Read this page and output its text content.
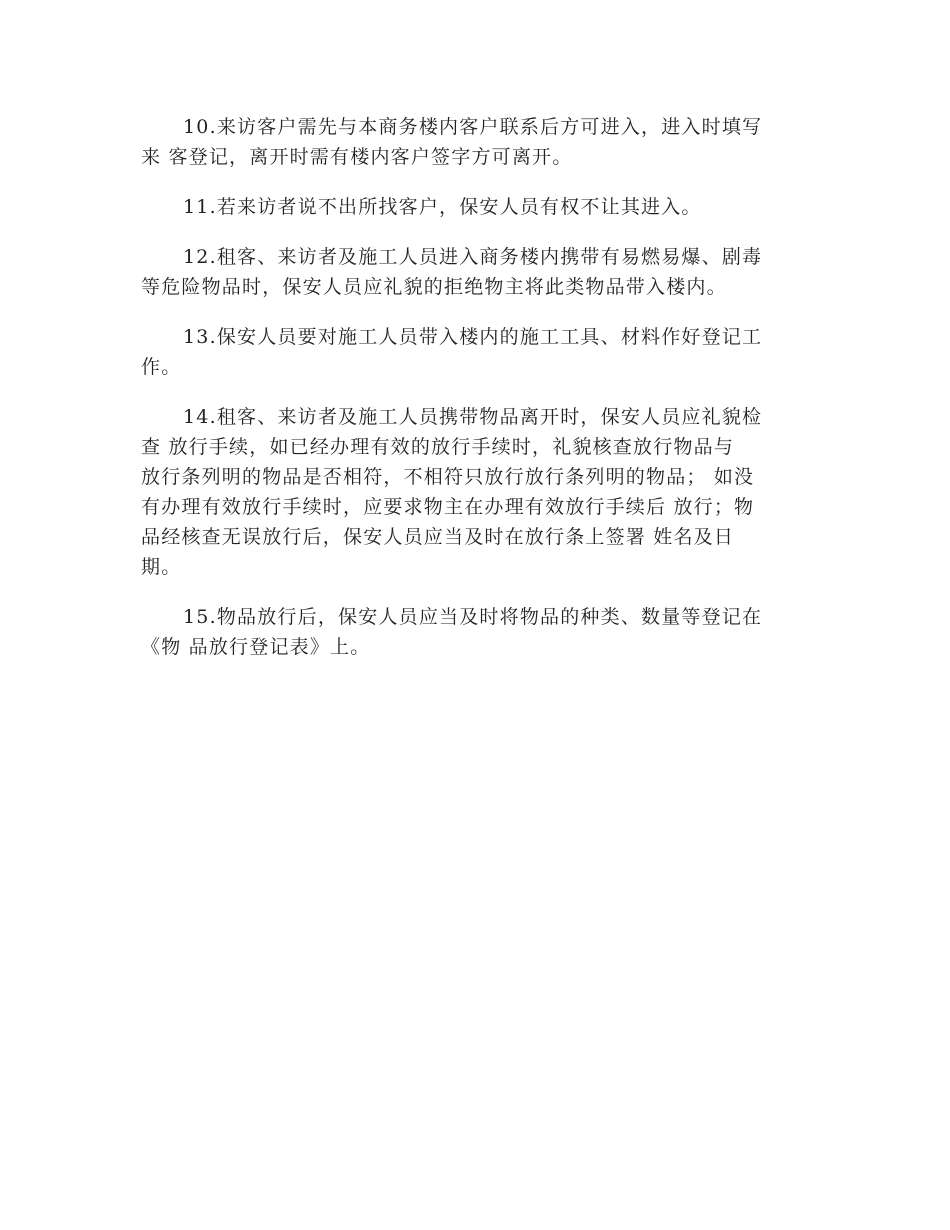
10.来访客户需先与本商务楼内客户联系后方可进入，进入时填写
来 客登记，离开时需有楼内客户签字方可离开。

11.若来访者说不出所找客户，保安人员有权不让其进入。

12.租客、来访者及施工人员进入商务楼内携带有易燃易爆、剧毒
等危险物品时，保安人员应礼貌的拒绝物主将此类物品带入楼内。

13.保安人员要对施工人员带入楼内的施工工具、材料作好登记工
作。

14.租客、来访者及施工人员携带物品离开时，保安人员应礼貌检
查 放行手续，如已经办理有效的放行手续时，礼貌核查放行物品与
放行条列明的物品是否相符，不相符只放行放行条列明的物品； 如没
有办理有效放行手续时，应要求物主在办理有效放行手续后 放行；物
品经核查无误放行后，保安人员应当及时在放行条上签署 姓名及日
期。

15.物品放行后，保安人员应当及时将物品的种类、数量等登记在
《物 品放行登记表》上。
